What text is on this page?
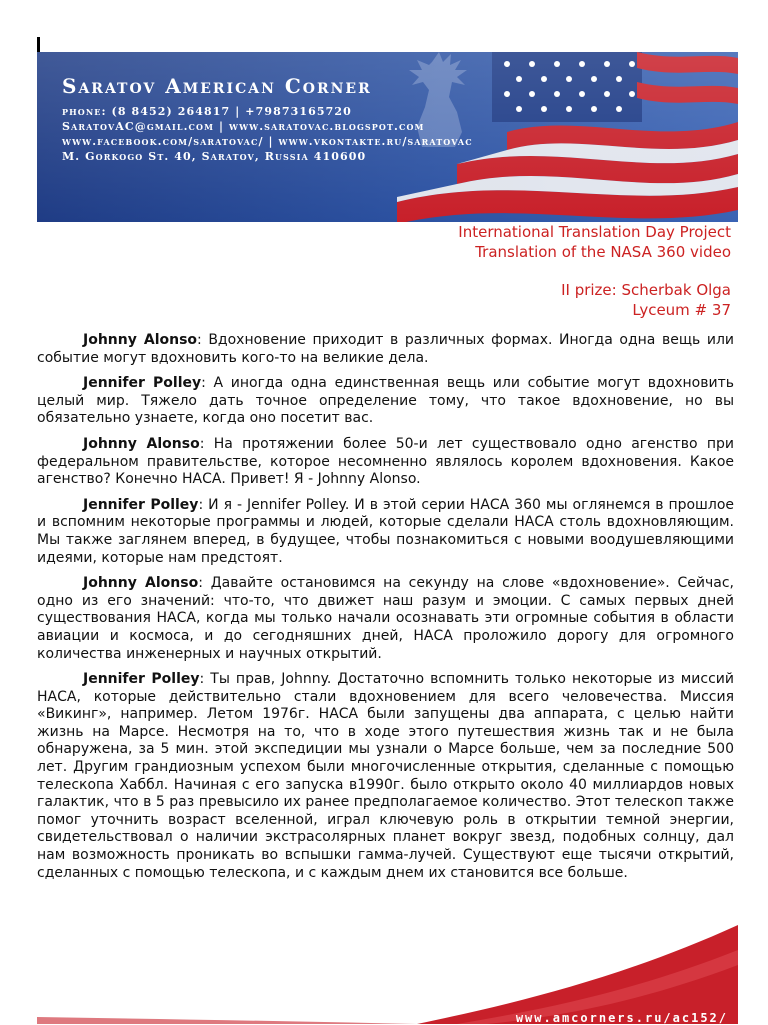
Saratov American Corner
phone: (8 8452) 264817 | +79873165720
SaratovAC@gmail.com | www.saratovac.blogspot.com
www.facebook.com/saratovac/ | www.vkontakte.ru/saratovac
M. Gorkogo St. 40, Saratov, Russia 410600
International Translation Day Project
Translation of the NASA 360 video
II prize: Scherbak Olga
Lyceum # 37

Johnny Alonso: Вдохновение приходит в различных формах. Иногда одна вещь или событие могут вдохновить кого-то на великие дела.

Jennifer Polley: А иногда одна единственная вещь или событие могут вдохновить целый мир. Тяжело дать точное определение тому, что такое вдохновение, но вы обязательно узнаете, когда оно посетит вас.

Johnny Alonso: На протяжении более 50-и лет существовало одно агенство при федеральном правительстве, которое несомненно являлось королем вдохновения. Какое агенство? Конечно НАСА. Привет! Я - Johnny Alonso.

Jennifer Polley: И я - Jennifer Polley. И в этой серии НАСА 360 мы оглянемся в прошлое и вспомним некоторые программы и людей, которые сделали НАСА столь вдохновляющим. Мы также заглянем вперед, в будущее, чтобы познакомиться с новыми воодушевляющими идеями, которые нам предстоят.

Johnny Alonso: Давайте остановимся на секунду на слове «вдохновение». Сейчас, одно из его значений: что-то, что движет наш разум и эмоции. С самых первых дней существования НАСА, когда мы только начали осознавать эти огромные события в области авиации и космоса, и до сегодняшних дней, НАСА проложило дорогу для огромного количества инженерных и научных открытий.

Jennifer Polley: Ты прав, Johnny. Достаточно вспомнить только некоторые из миссий НАСА, которые действительно стали вдохновением для всего человечества. Миссия «Викинг», например. Летом 1976г. НАСА были запущены два аппарата, с целью найти жизнь на Марсе. Несмотря на то, что в ходе этого путешествия жизнь так и не была обнаружена, за 5 мин. этой экспедиции мы узнали о Марсе больше, чем за последние 500 лет. Другим грандиозным успехом были многочисленные открытия, сделанные с помощью телескопа Хаббл. Начиная с его запуска в1990г. было открыто около 40 миллиардов новых галактик, что в 5 раз превысило их ранее предполагаемое количество. Этот телескоп также помог уточнить возраст вселенной, играл ключевую роль в открытии темной энергии, свидетельствовал о наличии экстрасолярных планет вокруг звезд, подобных солнцу, дал нам возможность проникать во вспышки гамма-лучей. Существуют еще тысячи открытий, сделанных с помощью телескопа, и с каждым днем их становится все больше.

www.amcorners.ru/ac152/
